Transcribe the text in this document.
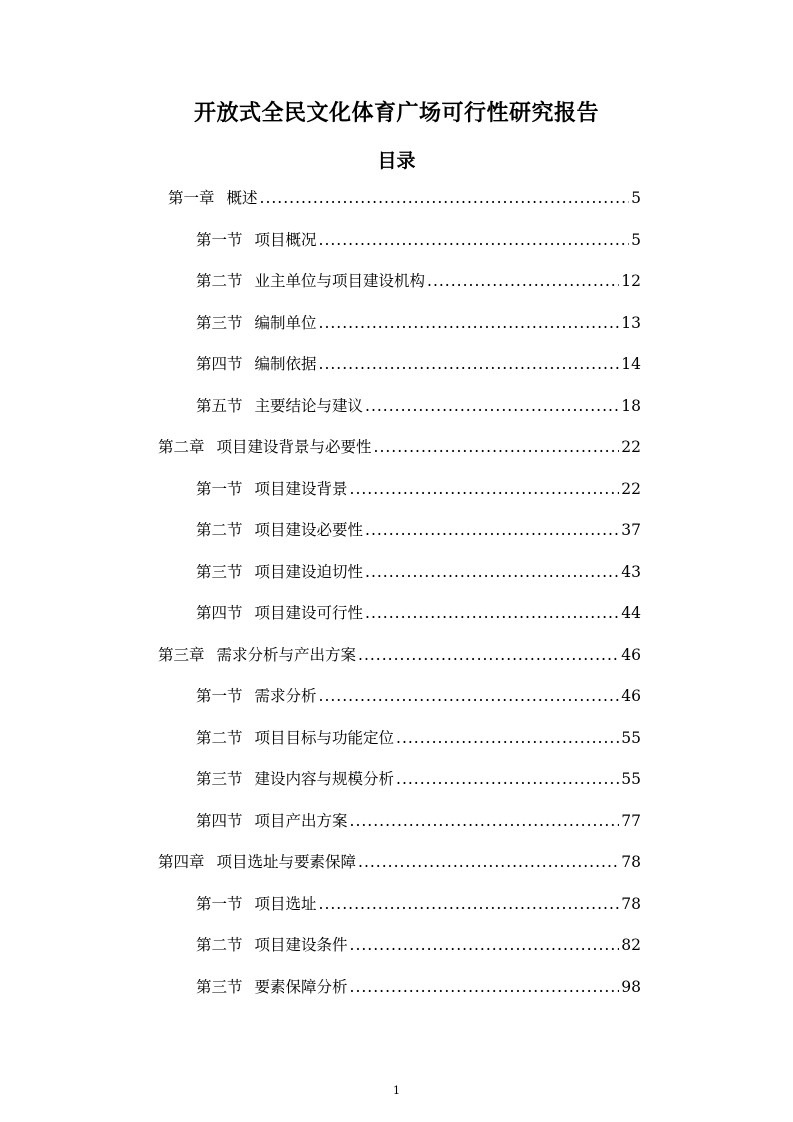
开放式全民文化体育广场可行性研究报告
目录
第一章 概述 .....	5
第一节 项目概况 .....	5
第二节 业主单位与项目建设机构 .....	12
第三节 编制单位 .....	13
第四节 编制依据 .....	14
第五节 主要结论与建议 .....	18
第二章 项目建设背景与必要性 .....	22
第一节 项目建设背景 .....	22
第二节 项目建设必要性 .....	37
第三节 项目建设迫切性 .....	43
第四节 项目建设可行性 .....	44
第三章 需求分析与产出方案 .....	46
第一节 需求分析 .....	46
第二节 项目目标与功能定位 .....	55
第三节 建设内容与规模分析 .....	55
第四节 项目产出方案 .....	77
第四章 项目选址与要素保障 .....	78
第一节 项目选址 .....	78
第二节 项目建设条件 .....	82
第三节 要素保障分析 .....	98
1
